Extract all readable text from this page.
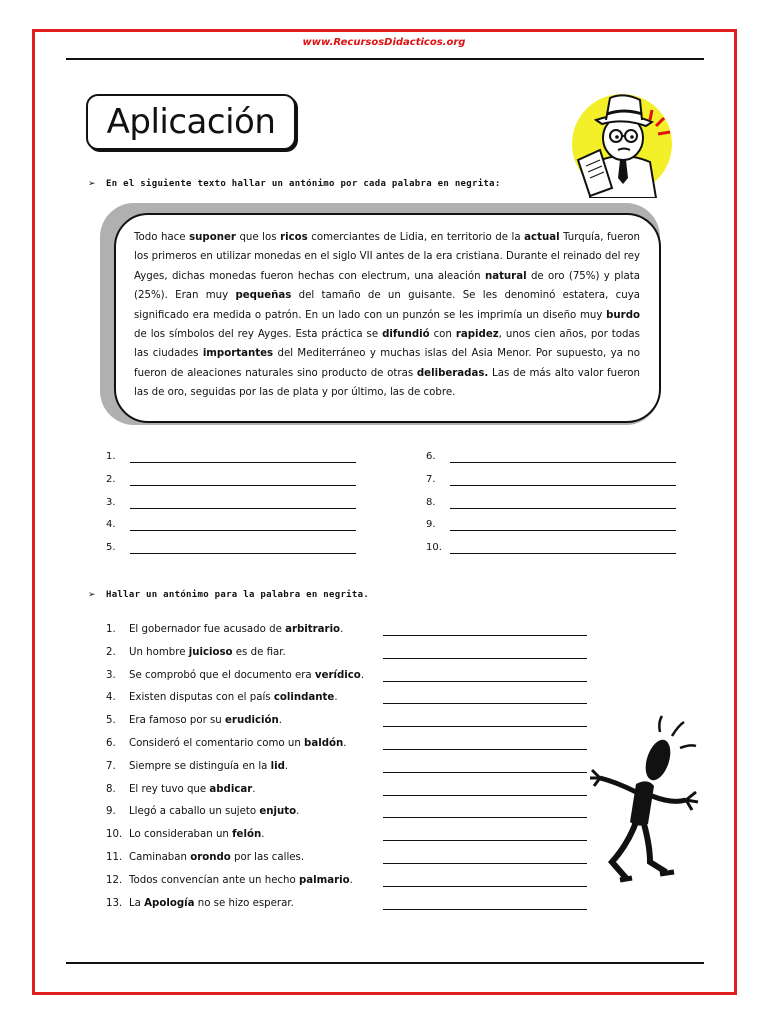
www.RecursosDidacticos.org
Aplicación
➢ En el siguiente texto hallar un antónimo por cada palabra en negrita:
Todo hace suponer que los ricos comerciantes de Lidia, en territorio de la actual Turquía, fueron los primeros en utilizar monedas en el siglo VII antes de la era cristiana. Durante el reinado del rey Ayges, dichas monedas fueron hechas con electrum, una aleación natural de oro (75%) y plata (25%). Eran muy pequeñas del tamaño de un guisante. Se les denominó estatera, cuya significado era medida o patrón. En un lado con un punzón se les imprimía un diseño muy burdo de los símbolos del rey Ayges. Esta práctica se difundió con rapidez, unos cien años, por todas las ciudades importantes del Mediterráneo y muchas islas del Asia Menor. Por supuesto, ya no fueron de aleaciones naturales sino producto de otras deliberadas. Las de más alto valor fueron las de oro, seguidas por las de plata y por último, las de cobre.
1.
2.
3.
4.
5.
6.
7.
8.
9.
10.
➢ Hallar un antónimo para la palabra en negrita.
1. El gobernador fue acusado de arbitrario.
2. Un hombre juicioso es de fiar.
3. Se comprobó que el documento era verídico.
4. Existen disputas con el país colindante.
5. Era famoso por su erudición.
6. Consideró el comentario como un baldón.
7. Siempre se distinguía en la lid.
8. El rey tuvo que abdicar.
9. Llegó a caballo un sujeto enjuto.
10. Lo consideraban un felón.
11. Caminaban orondo por las calles.
12. Todos convencían ante un hecho palmario.
13. La Apología no se hizo esperar.
